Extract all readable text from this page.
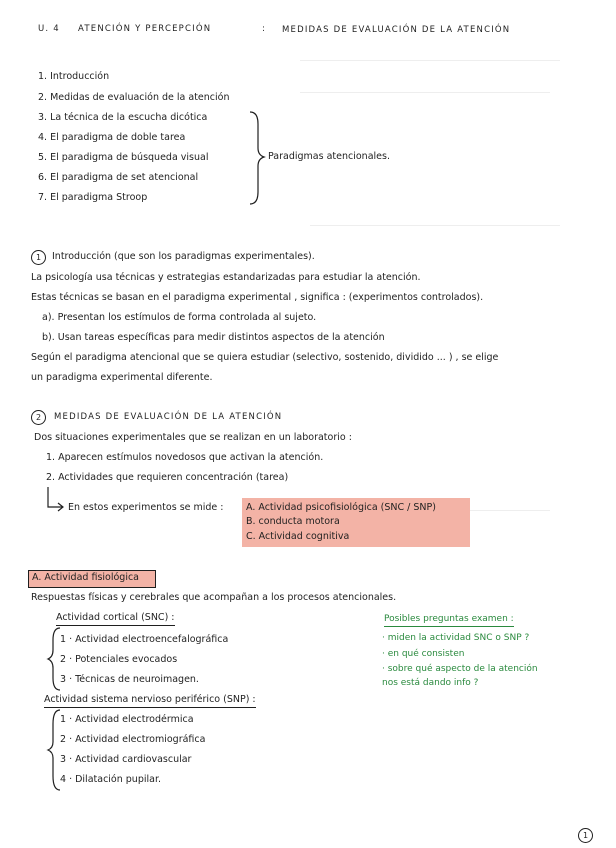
U. 4 ATENCIÓN Y PERCEPCIÓN	: MEDIDAS DE EVALUACIÓN DE LA ATENCIÓN
1. Introducción
2. Medidas de evaluación de la atención
3. La técnica de la escucha dicótica
4. El paradigma de doble tarea
5. El paradigma de búsqueda visual
6. El paradigma de set atencional
7. El paradigma Stroop
Paradigmas atencionales.
1	Introducción (que son los paradigmas experimentales).
La psicología usa técnicas y estrategias estandarizadas para estudiar la atención.
Estas técnicas se basan en el paradigma experimental , significa : (experimentos controlados).
a). Presentan los estímulos de forma controlada al sujeto.
b). Usan tareas específicas para medir distintos aspectos de la atención
Según el paradigma atencional que se quiera estudiar (selectivo, sostenido, dividido ... ) , se elige
un paradigma experimental diferente.
2	MEDIDAS DE EVALUACIÓN DE LA ATENCIÓN
Dos situaciones experimentales que se realizan en un laboratorio :
1. Aparecen estímulos novedosos que activan la atención.
2. Actividades que requieren concentración (tarea)
En estos experimentos se mide : A. Actividad psicofisiológica (SNC / SNP)
B. conducta motora
C. Actividad cognitiva
A. Actividad fisiológica
Respuestas físicas y cerebrales que acompañan a los procesos atencionales.
Actividad cortical (SNC) :
1 · Actividad electroencefalográfica
2 · Potenciales evocados
3 · Técnicas de neuroimagen.
Actividad sistema nervioso periférico (SNP) :
1 · Actividad electrodérmica
2 · Actividad electromiográfica
3 · Actividad cardiovascular
4 · Dilatación pupilar.
Posibles preguntas examen :
· miden la actividad SNC o SNP ?
· en qué consisten
· sobre qué aspecto de la atención
nos está dando info ?
1
